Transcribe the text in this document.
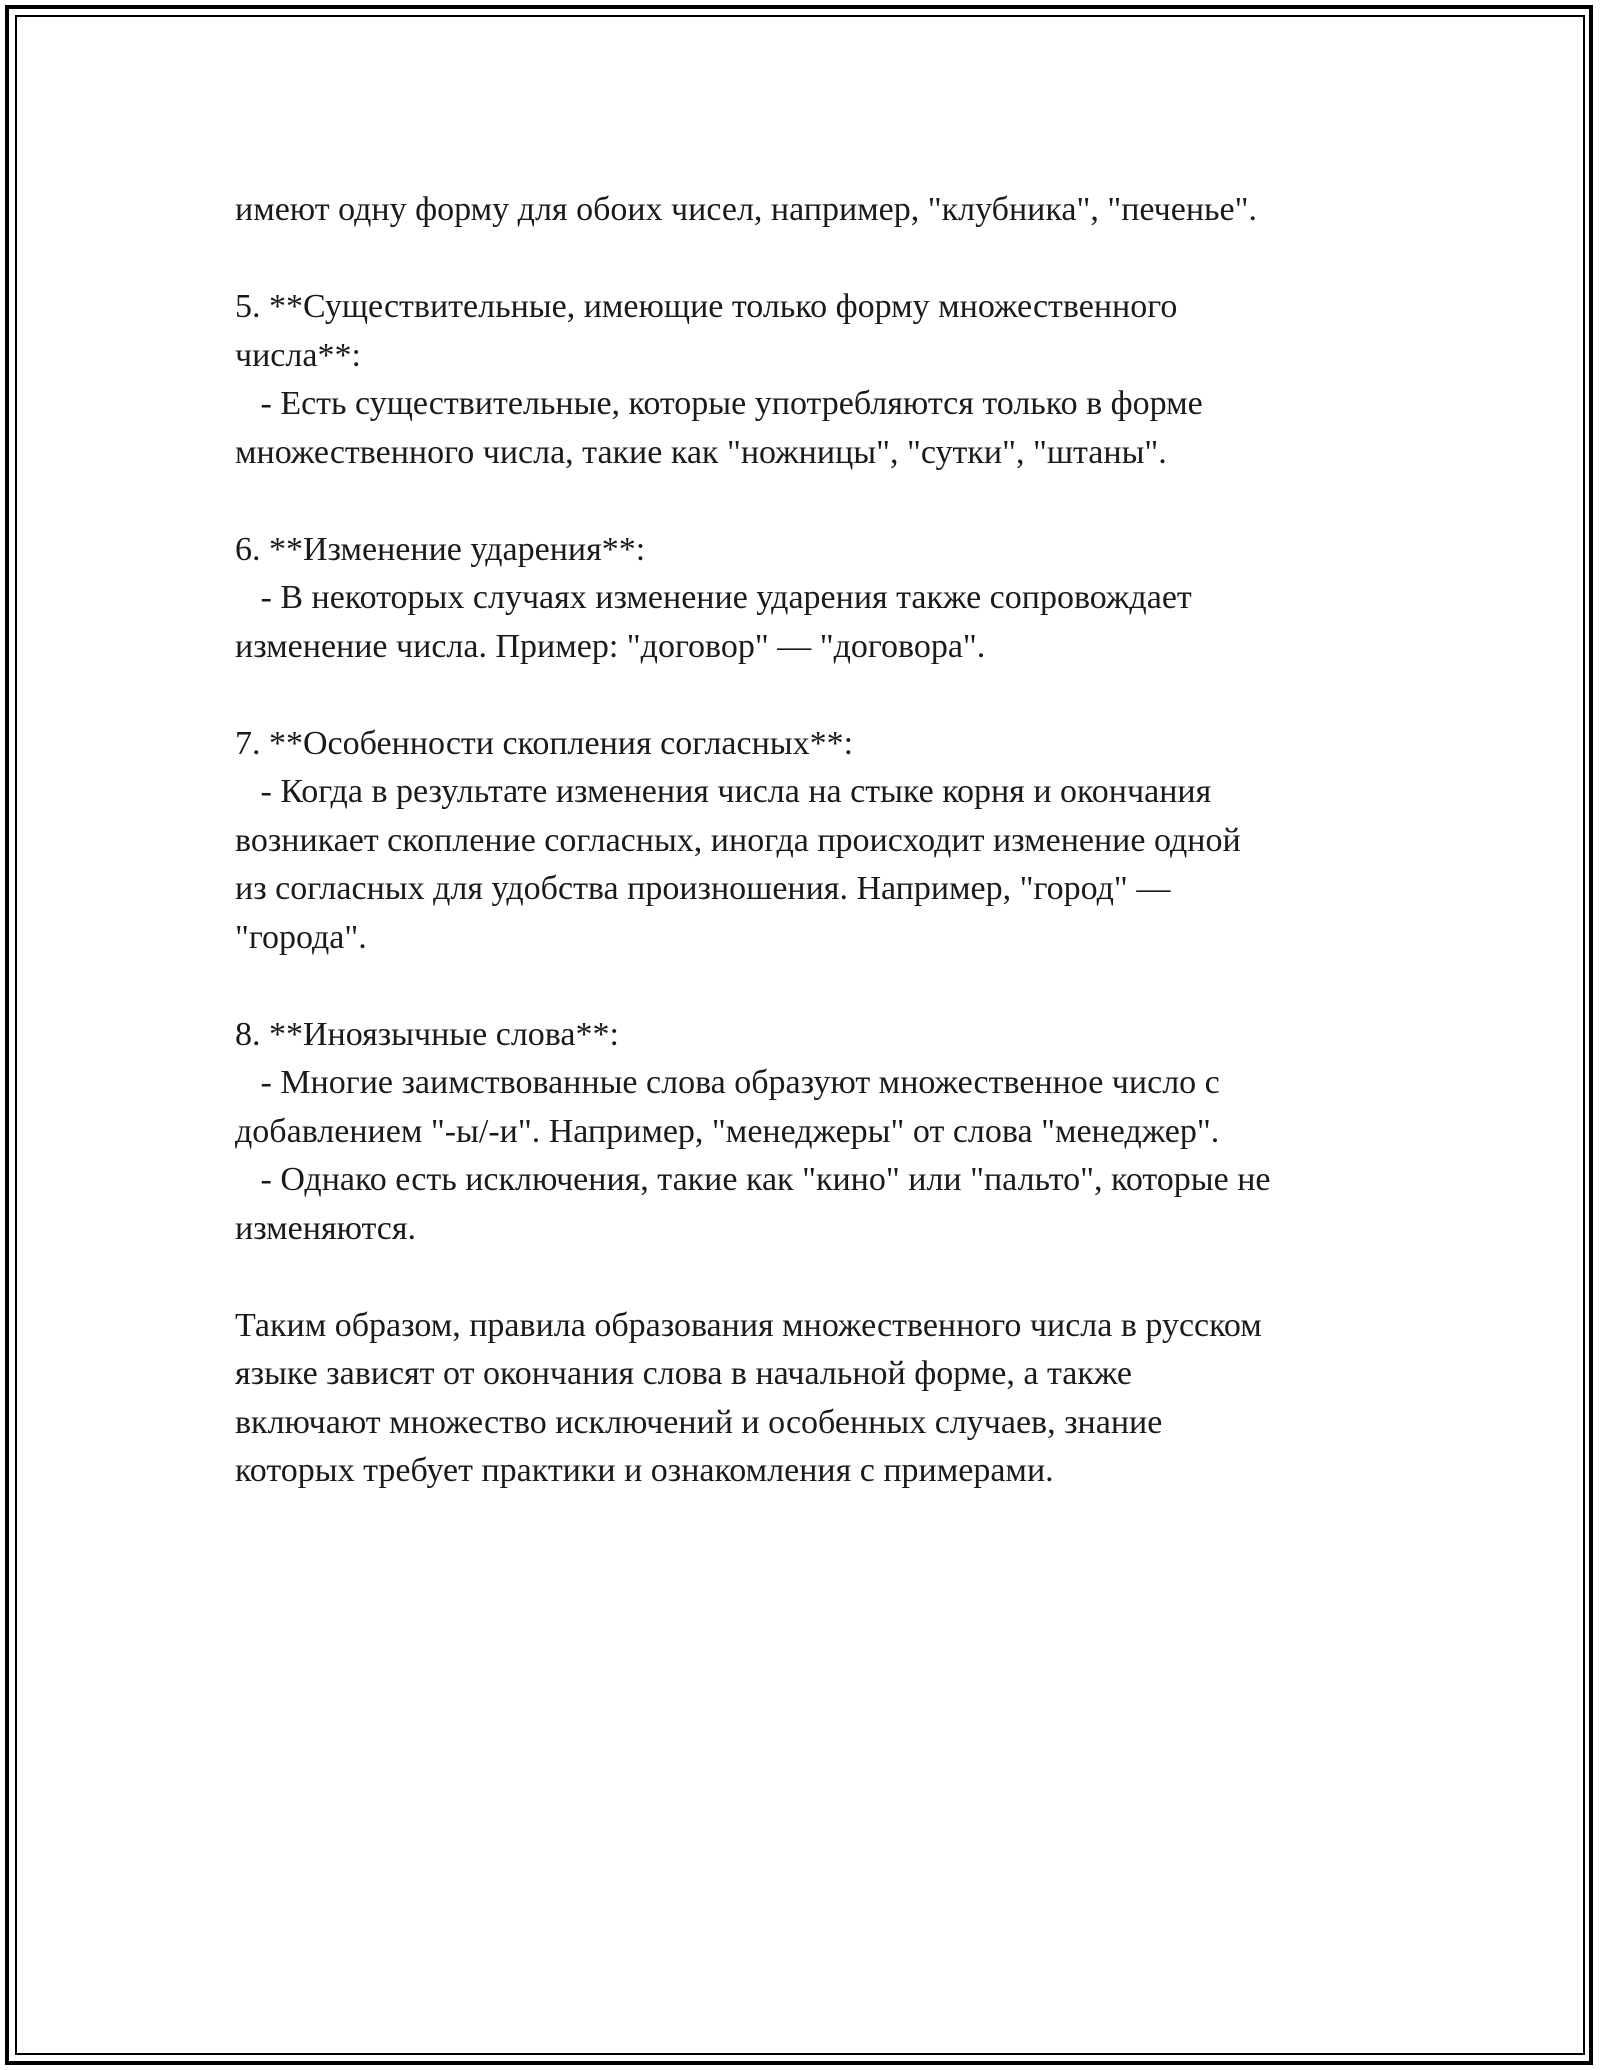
имеют одну форму для обоих чисел, например, "клубника", "печенье".
5. **Существительные, имеющие только форму множественного
числа**:
- Есть существительные, которые употребляются только в форме
множественного числа, такие как "ножницы", "сутки", "штаны".
6. **Изменение ударения**:
- В некоторых случаях изменение ударения также сопровождает
изменение числа. Пример: "договор" — "договора".
7. **Особенности скопления согласных**:
- Когда в результате изменения числа на стыке корня и окончания
возникает скопление согласных, иногда происходит изменение одной
из согласных для удобства произношения. Например, "город" —
"города".
8. **Иноязычные слова**:
- Многие заимствованные слова образуют множественное число с
добавлением "-ы/-и". Например, "менеджеры" от слова "менеджер".
- Однако есть исключения, такие как "кино" или "пальто", которые не
изменяются.
Таким образом, правила образования множественного числа в русском
языке зависят от окончания слова в начальной форме, а также
включают множество исключений и особенных случаев, знание
которых требует практики и ознакомления с примерами.
